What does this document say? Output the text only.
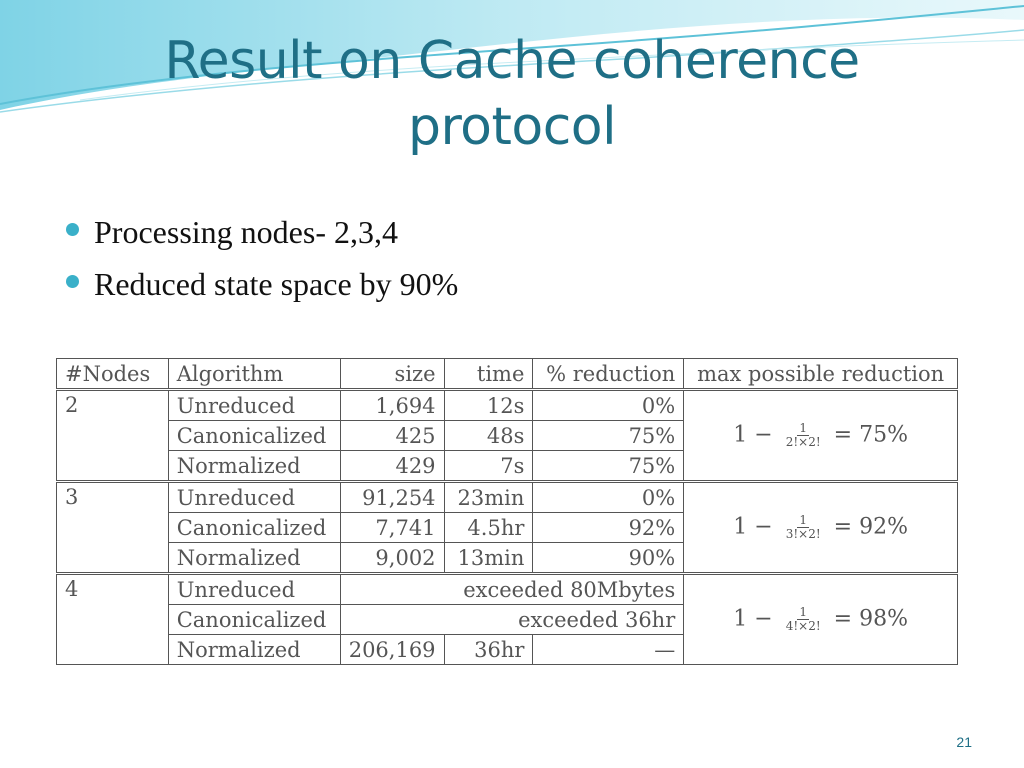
Result on Cache coherence
protocol
Processing nodes- 2,3,4
Reduced state space by 90%
#Nodes	Algorithm	size	time	% reduction	max possible reduction
2	Unreduced	1,694	12s	0%	$1 - \frac{1}{2!\times 2!} = 75\%$
	Canonicalized	425	48s	75%	
	Normalized	429	7s	75%	
3	Unreduced	91,254	23min	0%	$1 - \frac{1}{3!\times 2!} = 92\%$
	Canonicalized	7,741	4.5hr	92%	
	Normalized	9,002	13min	90%	
4	Unreduced	exceeded 80Mbytes			$1 - \frac{1}{4!\times 2!} = 98\%$
	Canonicalized	exceeded 36hr			
	Normalized	206,169	36hr	—	
21
